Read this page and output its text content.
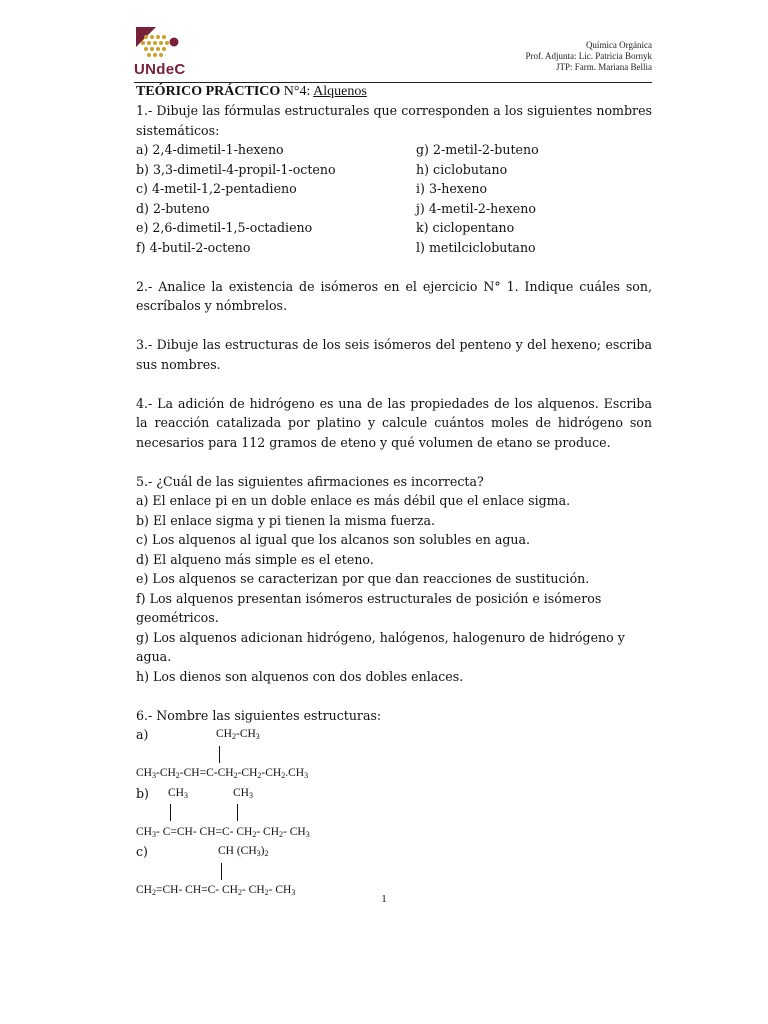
UNdeC
Química Orgánica
Prof. Adjunta: Lic. Patricia Bornyk
JTP: Farm. Mariana Bellia
TEÓRICO PRÁCTICO N°4: Alquenos
1.- Dibuje las fórmulas estructurales que corresponden a los siguientes nombres sistemáticos:
a) 2,4-dimetil-1-hexeno
b) 3,3-dimetil-4-propil-1-octeno
c) 4-metil-1,2-pentadieno
d) 2-buteno
e) 2,6-dimetil-1,5-octadieno
f) 4-butil-2-octeno
g) 2-metil-2-buteno
h) ciclobutano
i) 3-hexeno
j) 4-metil-2-hexeno
k) ciclopentano
l) metilciclobutano
2.- Analice la existencia de isómeros en el ejercicio N° 1. Indique cuáles son, escríbalos y nómbrelos.
3.- Dibuje las estructuras de los seis isómeros del penteno y del hexeno; escriba sus nombres.
4.- La adición de hidrógeno es una de las propiedades de los alquenos. Escriba la reacción catalizada por platino y calcule cuántos moles de hidrógeno son necesarios para 112 gramos de eteno y qué volumen de etano se produce.
5.- ¿Cuál de las siguientes afirmaciones es incorrecta?
a) El enlace pi en un doble enlace es más débil que el enlace sigma.
b) El enlace sigma y pi tienen la misma fuerza.
c) Los alquenos al igual que los alcanos son solubles en agua.
d) El alqueno más simple es el eteno.
e) Los alquenos se caracterizan por que dan reacciones de sustitución.
f) Los alquenos presentan isómeros estructurales de posición e isómeros geométricos.
g) Los alquenos adicionan hidrógeno, halógenos, halogenuro de hidrógeno y agua.
h) Los dienos son alquenos con dos dobles enlaces.
6.- Nombre las siguientes estructuras:
a)	$CH_2-CH_3$
$CH_3-CH_2-CH=C-CH_2-CH_2-CH_2.CH_3$
b) $CH_3$	$CH_3$
$CH_3-$ C=CH- CH=C- $CH_2-$ $CH_2-$ $CH_3$
c)	CH $(CH_3)_2$
$CH_2=CH-$ CH=C- $CH_2-$ $CH_2-$ $CH_3$
1
